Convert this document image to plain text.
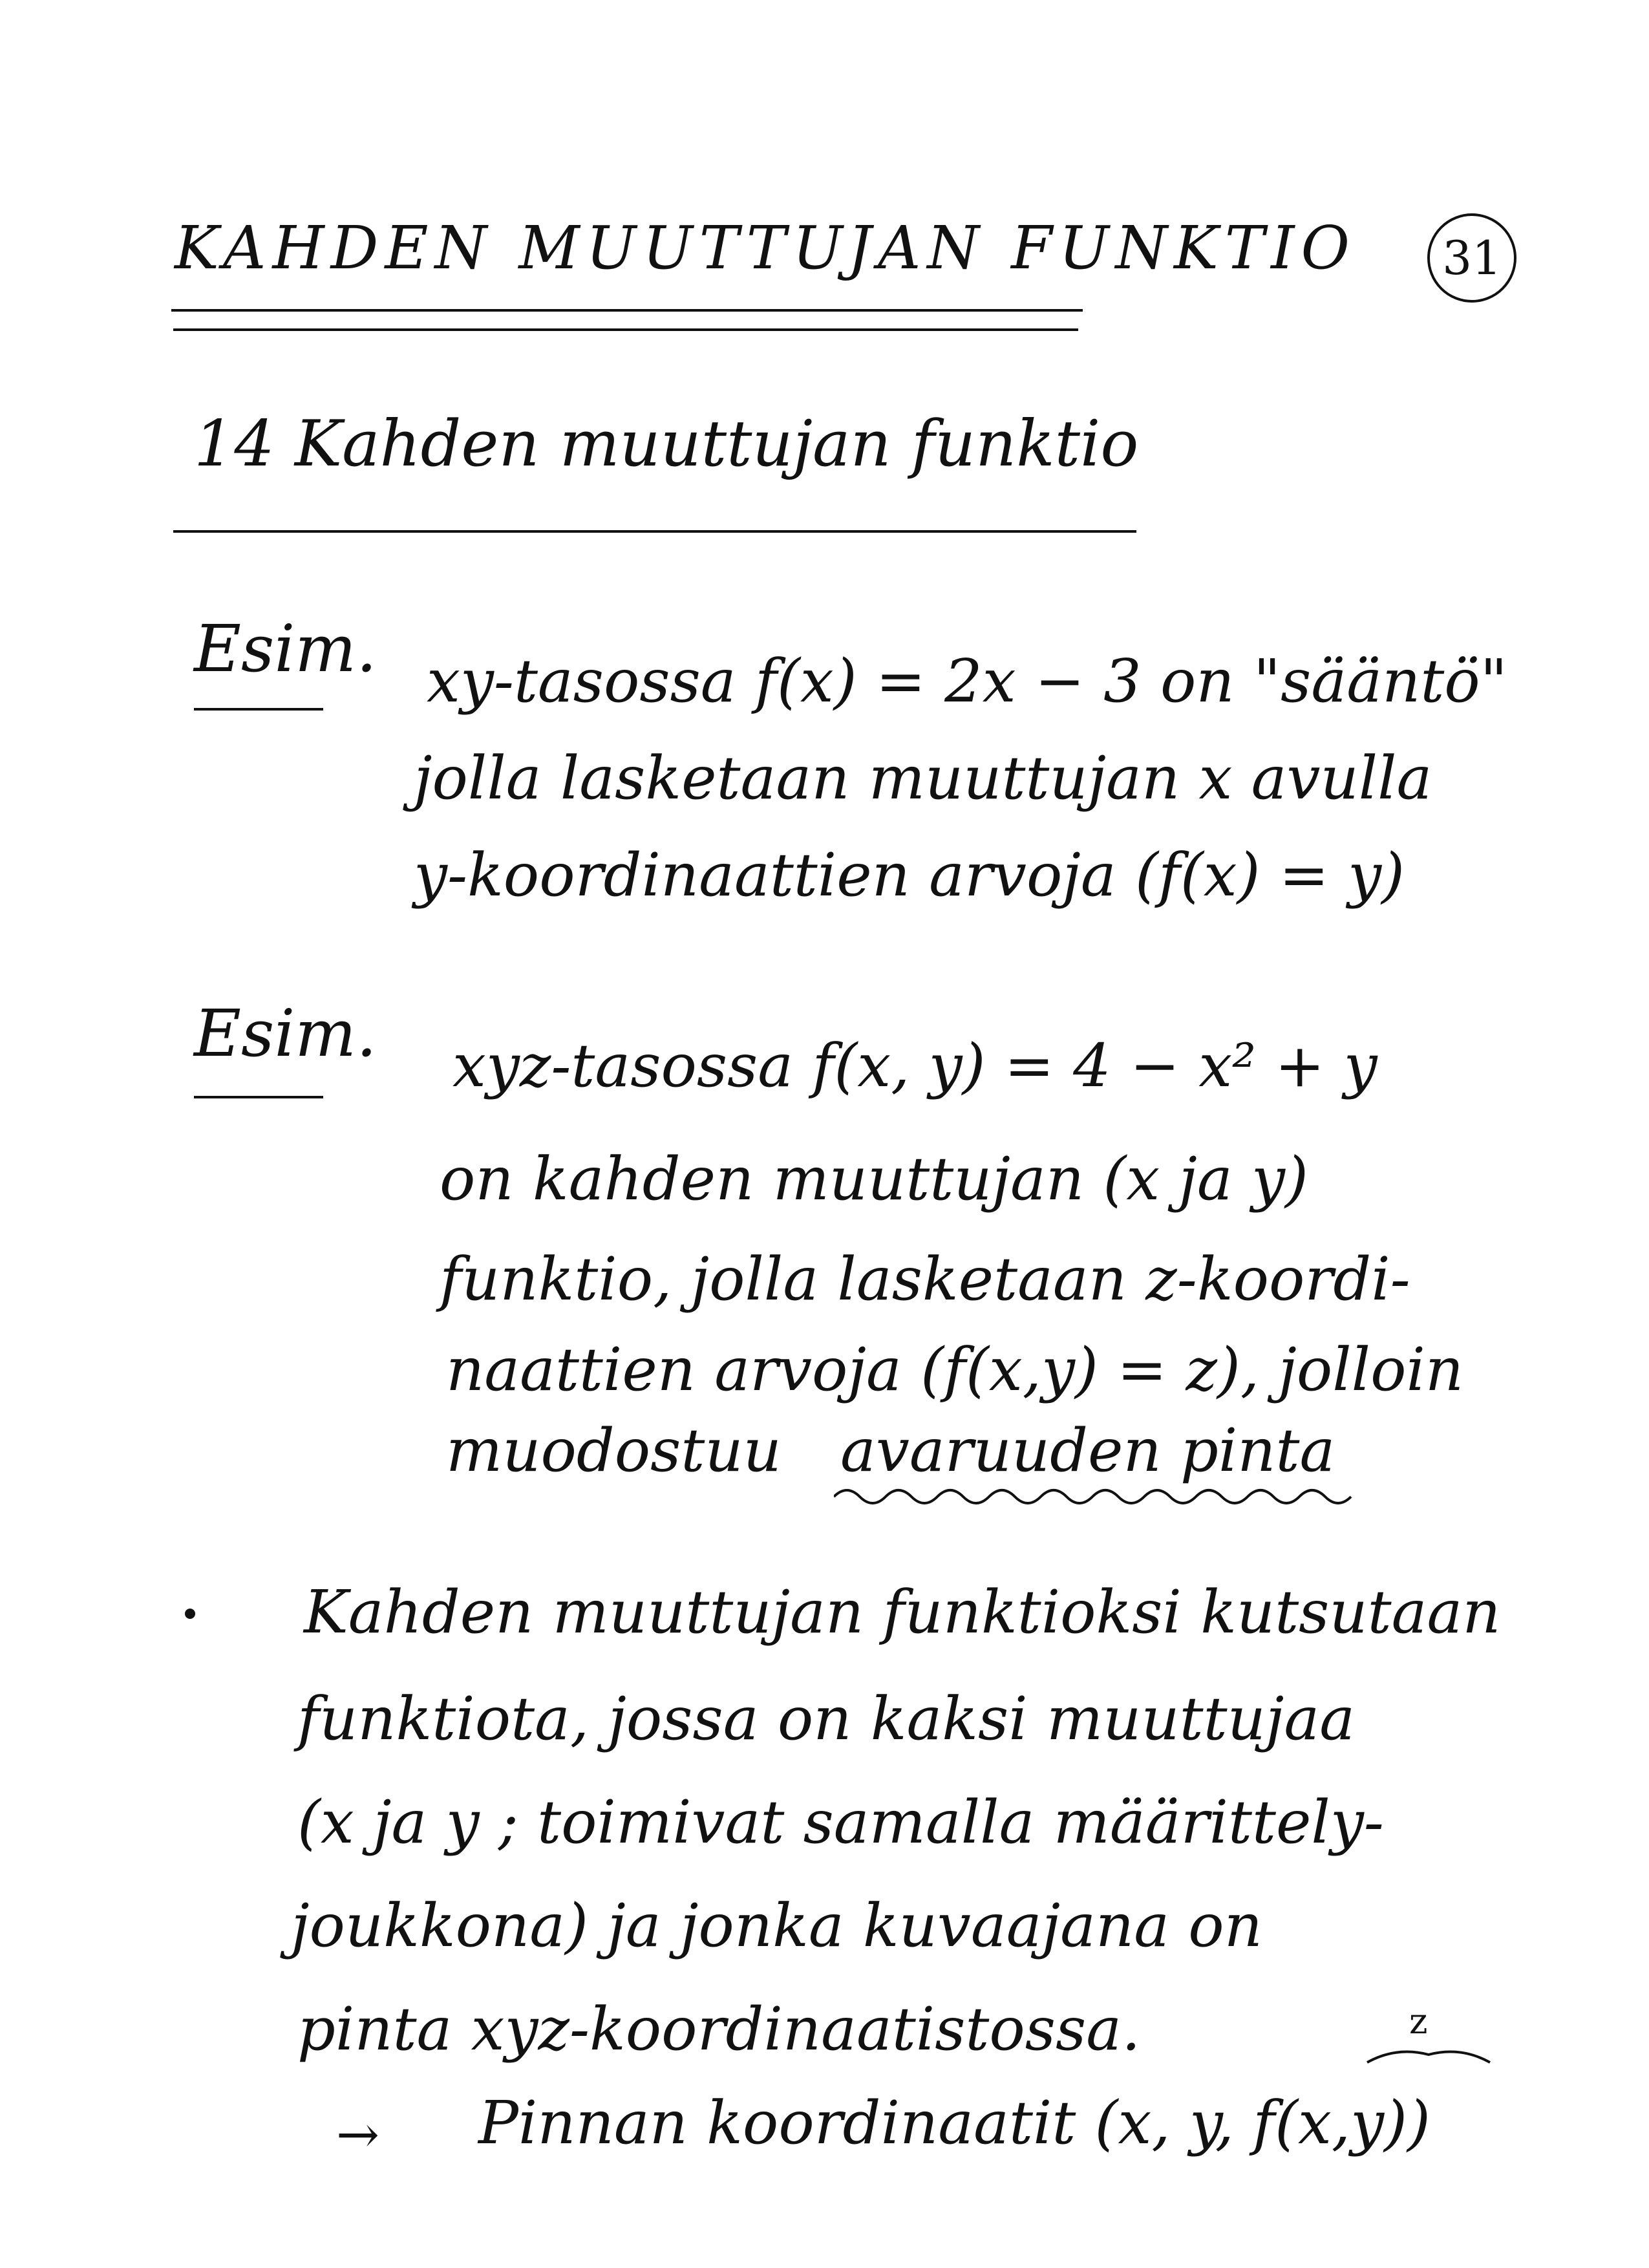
KAHDEN MUUTTUJAN FUNKTIO	31
14 Kahden muuttujan funktio
Esim. xy-tasossa f(x) = 2x − 3 on "sääntö"
jolla lasketaan muuttujan x avulla
y-koordinaattien arvoja (f(x) = y)
Esim. xyz-tasossa f(x, y) = 4 − x² + y
on kahden muuttujan (x ja y)
funktio, jolla lasketaan z-koordi-
naattien arvoja (f(x,y) = z), jolloin
muodostuu avaruuden pinta
Kahden muuttujan funktioksi kutsutaan
funktiota, jossa on kaksi muuttujaa
(x ja y ; toimivat samalla määrittely-
joukkona) ja jonka kuvaajana on
pinta xyz-koordinaatistossa.
→ Pinnan koordinaatit (x, y, f(x,y))
z
